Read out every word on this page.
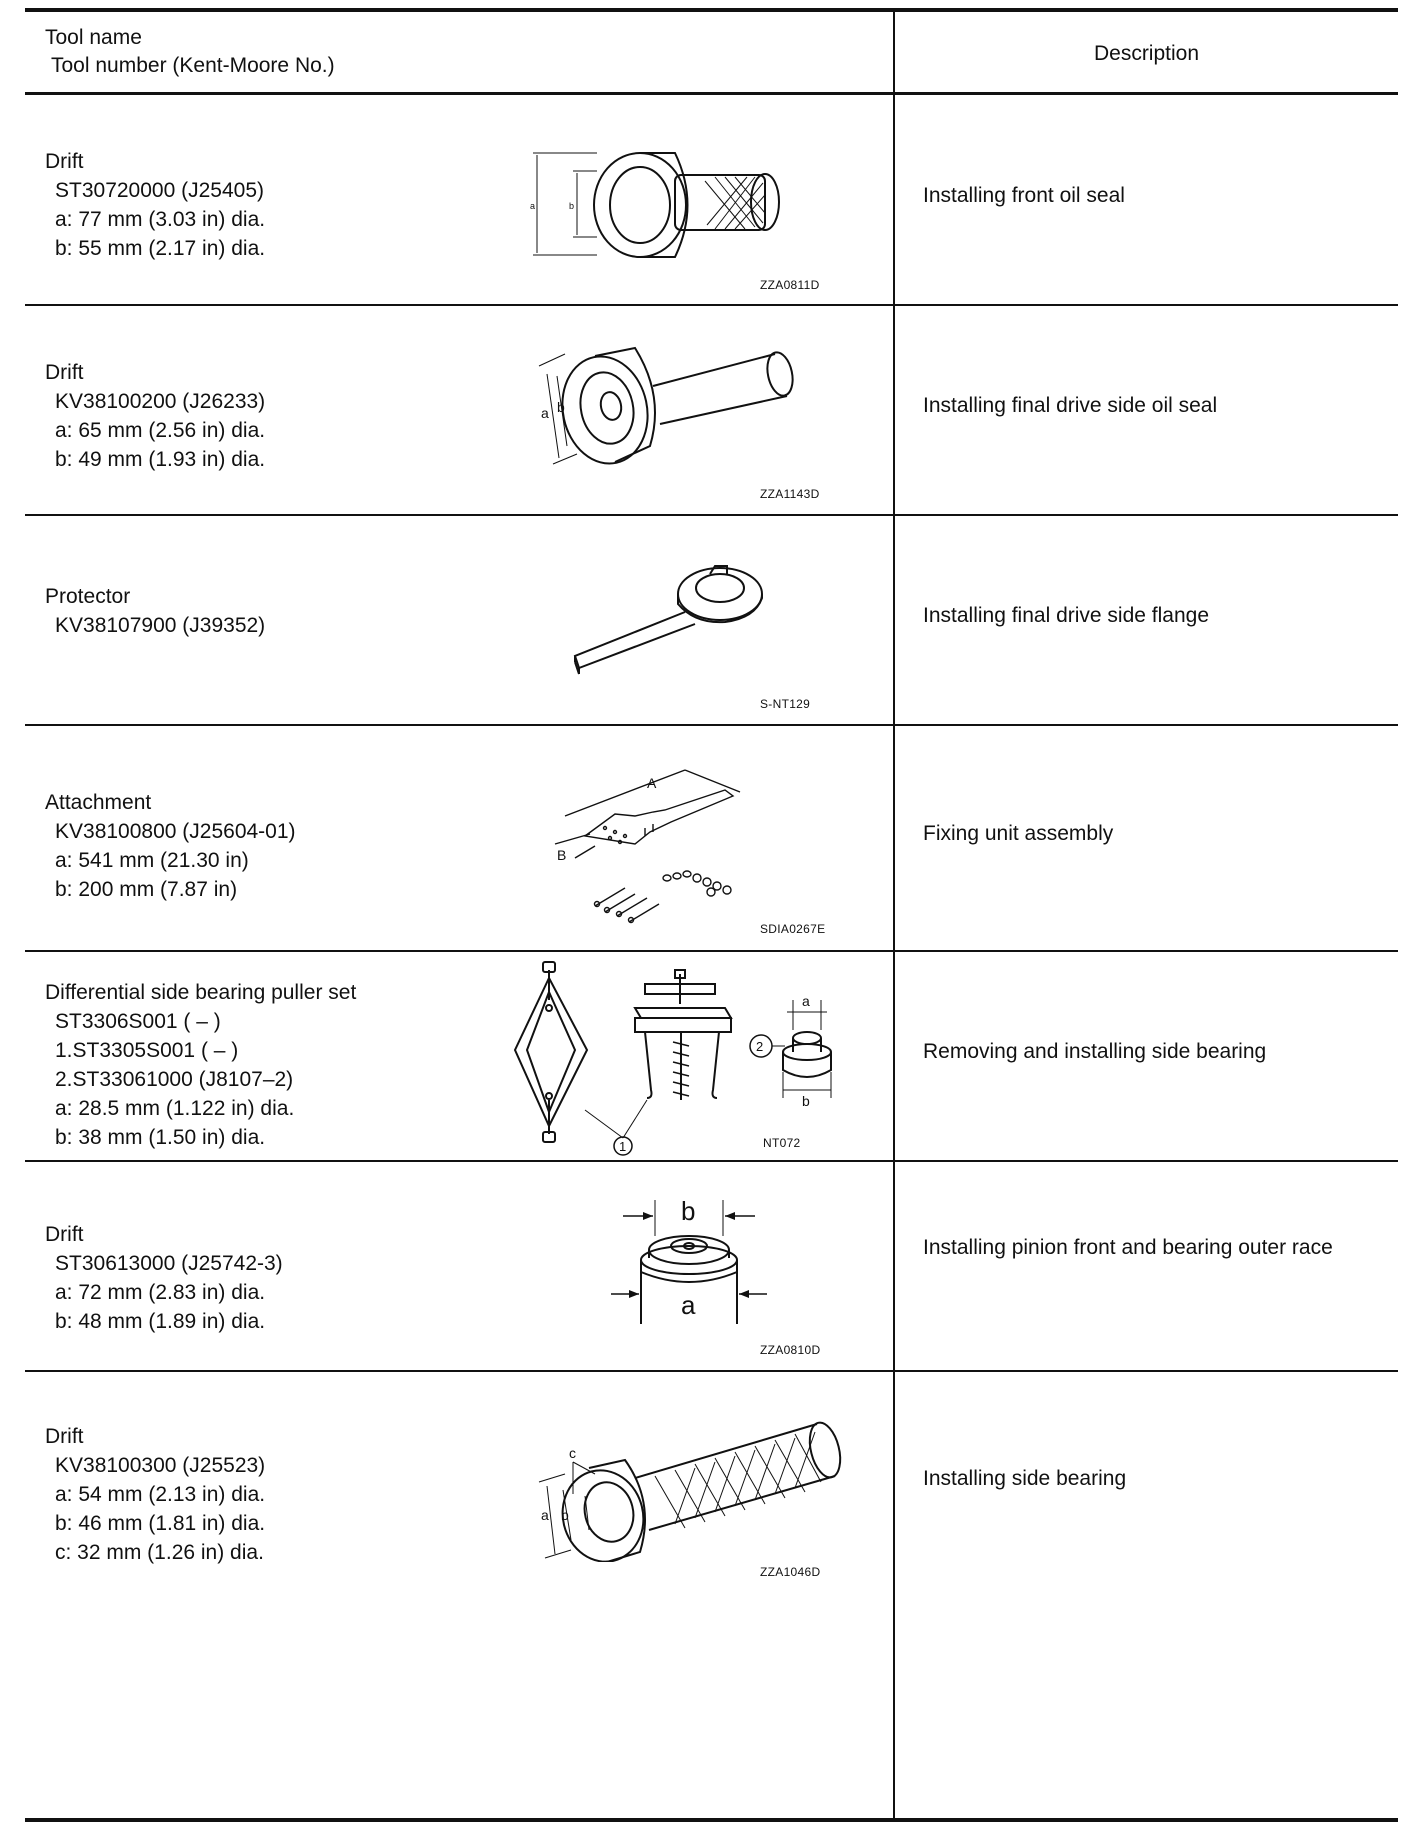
Tool name
Tool number (Kent-Moore No.)
Description
Drift
ST30720000 (J25405)
a: 77 mm (3.03 in) dia.
b: 55 mm (2.17 in) dia.
a	b
ZZA0811D
Installing front oil seal
Drift
KV38100200 (J26233)
a: 65 mm (2.56 in) dia.
b: 49 mm (1.93 in) dia.
a b
ZZA1143D
Installing final drive side oil seal
Protector
KV38107900 (J39352)
S-NT129
Installing final drive side flange
Attachment
KV38100800 (J25604-01)
a: 541 mm (21.30 in)
b: 200 mm (7.87 in)
A
B
SDIA0267E
Fixing unit assembly
Differential side bearing puller set
ST3306S001 ( – )
1.ST3305S001 ( – )
2.ST33061000 (J8107–2)
a: 28.5 mm (1.122 in) dia.
b: 38 mm (1.50 in) dia.	1
2
a
b
NT072
Removing and installing side bearing
Drift
ST30613000 (J25742-3)
a: 72 mm (2.83 in) dia.
b: 48 mm (1.89 in) dia.
b
a
ZZA0810D
Installing pinion front and bearing outer race
Drift
KV38100300 (J25523)
a: 54 mm (2.13 in) dia.
b: 46 mm (1.81 in) dia.
c: 32 mm (1.26 in) dia.
a b
c
ZZA1046D
Installing side bearing
